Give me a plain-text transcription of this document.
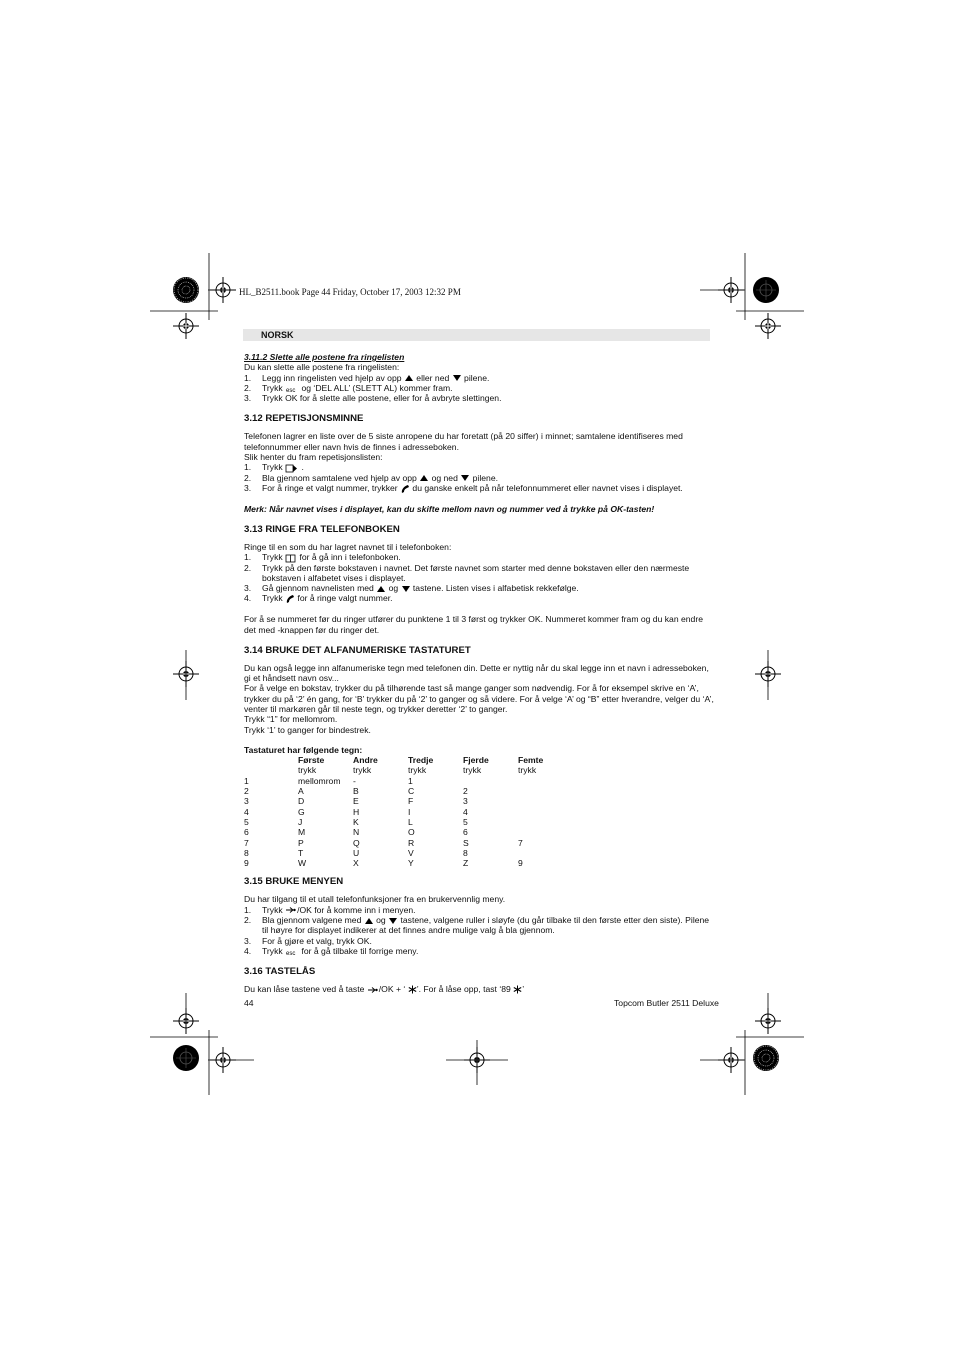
HL_B2511.book Page 44 Friday, October 17, 2003 12:32 PM
NORSK

3.11.2 Slette alle postene fra ringelisten

Du kan slette alle postene fra ringelisten:

1. Legg inn ringelisten ved hjelp av opp eller ned pilene.
2. Trykk esc og ‘DEL ALL’ (SLETT AL) kommer fram.
3. Trykk OK for å slette alle postene, eller for å avbryte slettingen.

3.12 REPETISJONSMINNE

Telefonen lagrer en liste over de 5 siste anropene du har foretatt (på 20 siffer) i minnet; samtalene identifiseres med telefonnummer eller navn hvis de finnes i adresseboken.

Slik henter du fram repetisjonslisten:

1. Trykk .
2. Bla gjennom samtalene ved hjelp av opp og ned pilene.
3. For å ringe et valgt nummer, trykker du ganske enkelt på når telefonnummeret eller navnet vises i displayet.

Merk: Når navnet vises i displayet, kan du skifte mellom navn og nummer ved å trykke på OK-tasten!

3.13 RINGE FRA TELEFONBOKEN

Ringe til en som du har lagret navnet til i telefonboken:

1. Trykk for å gå inn i telefonboken.
2. Trykk på den første bokstaven i navnet. Det første navnet som starter med denne bokstaven eller den nærmeste bokstaven i alfabetet vises i displayet.
3. Gå gjennom navnelisten med og tastene. Listen vises i alfabetisk rekkefølge.
4. Trykk for å ringe valgt nummer.

For å se nummeret før du ringer utfører du punktene 1 til 3 først og trykker OK. Nummeret kommer fram og du kan endre det med -knappen før du ringer det.

3.14 BRUKE DET ALFANUMERISKE TASTATURET

Du kan også legge inn alfanumeriske tegn med telefonen din. Dette er nyttig når du skal legge inn et navn i adresseboken, gi et håndsett navn osv...

For å velge en bokstav, trykker du på tilhørende tast så mange ganger som nødvendig. For å for eksempel skrive en ‘A’, trykker du på ‘2’ én gang, for ‘B’ trykker du på ‘2’ to ganger og så videre. For å velge ‘A’ og “B” etter hverandre, velger du ‘A’, venter til markøren går til neste tegn, og trykker deretter ‘2’ to ganger.

Trykk “1” for mellomrom.

Trykk ‘1’ to ganger for bindestrek.

Tastaturet har følgende tegn:

	Første	Andre	Tredje	Fjerde	Femte
	trykk	trykk	trykk	trykk	trykk
1	mellomrom	-	1		
2	A	B	C	2	
3	D	E	F	3	
4	G	H	I	4	
5	J	K	L	5	
6	M	N	O	6	
7	P	Q	R	S	7
8	T	U	V	8	
9	W	X	Y	Z	9

3.15 BRUKE MENYEN

Du har tilgang til et utall telefonfunksjoner fra en brukervennlig meny.

1. Trykk /OK for å komme inn i menyen.
2. Bla gjennom valgene med og tastene, valgene ruller i sløyfe (du går tilbake til den første etter den siste). Pilene til høyre for displayet indikerer at det finnes andre mulige valg å bla gjennom.
3. For å gjøre et valg, trykk OK.
4. Trykk esc for å gå tilbake til forrige meny.

3.16 TASTELÅS

Du kan låse tastene ved å taste /OK + ‘ ’. For å låse opp, tast ‘89 ’

44	Topcom Butler 2511 Deluxe
